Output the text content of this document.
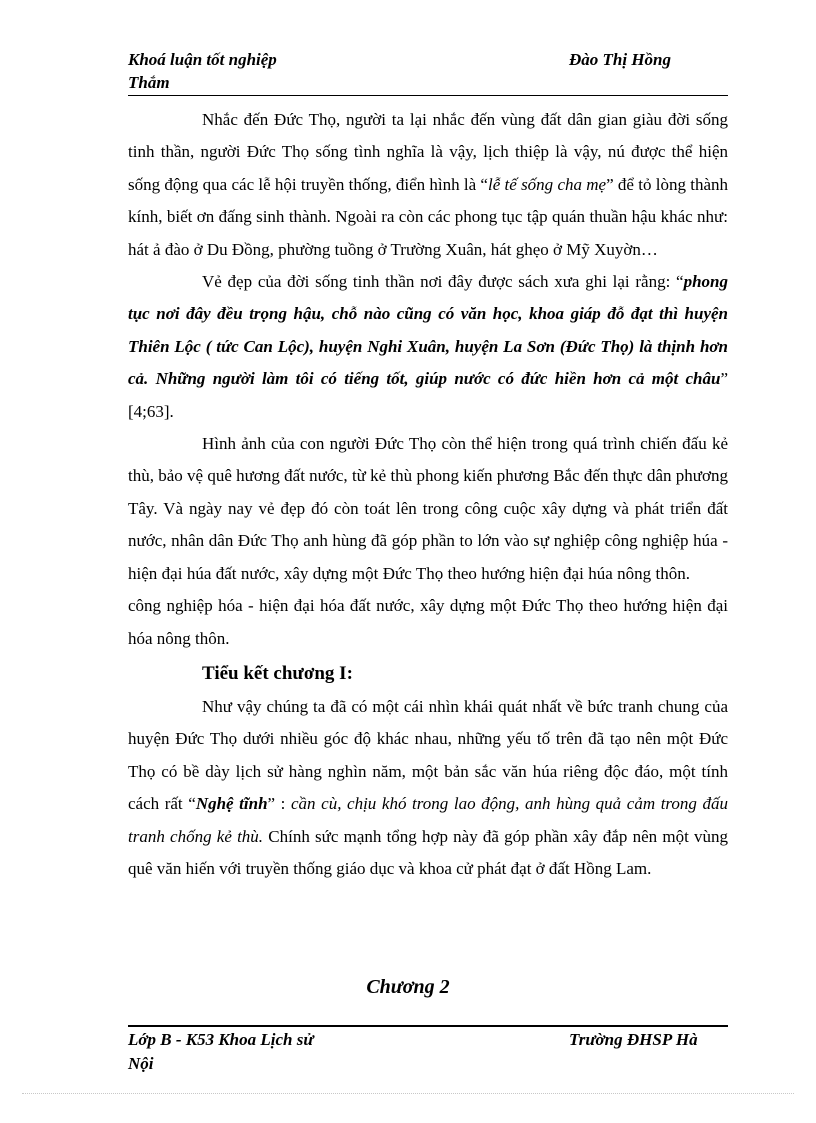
Khoá luận tốt nghiệp	Đào Thị Hồng
Thắm

Nhắc đến Đức Thọ, người ta lại nhắc đến vùng đất dân gian giàu đời sống tinh thần, người Đức Thọ sống tình nghĩa là vậy, lịch thiệp là vậy, nú được thể hiện sống động qua các lễ hội truyền thống, điển hình là “lễ tế sống cha mẹ” để tỏ lòng thành kính, biết ơn đấng sinh thành. Ngoài ra còn các phong tục tập quán thuần hậu khác như: hát ả đào ở Du Đồng, phường tuồng ở Trường Xuân, hát ghẹo ở Mỹ Xuyờn…

Vẻ đẹp của đời sống tinh thần nơi đây được sách xưa ghi lại rằng: “phong tục nơi đây đều trọng hậu, chỗ nào cũng có văn học, khoa giáp đỗ đạt thì huyện Thiên Lộc ( tức Can Lộc), huyện Nghi Xuân, huyện La Sơn (Đức Thọ) là thịnh hơn cả. Những người làm tôi có tiếng tốt, giúp nước có đức hiền hơn cả một châu” [4;63].

Hình ảnh của con người Đức Thọ còn thể hiện trong quá trình chiến đấu kẻ thù, bảo vệ quê hương đất nước, từ kẻ thù phong kiến phương Bắc đến thực dân phương Tây. Và ngày nay vẻ đẹp đó còn toát lên trong công cuộc xây dựng và phát triển đất nước, nhân dân Đức Thọ anh hùng đã góp phần to lớn vào sự nghiệp công nghiệp húa - hiện đại húa đất nước, xây dựng một Đức Thọ theo hướng hiện đại húa nông thôn.công nghiệp hóa - hiện đại hóa đất nước, xây dựng một Đức Thọ theo hướng hiện đại hóa nông thôn.

Tiểu kết chương I:

Như vậy chúng ta đã có một cái nhìn khái quát nhất về bức tranh chung của huyện Đức Thọ dưới nhiều góc độ khác nhau, những yếu tố trên đã tạo nên một Đức Thọ có bề dày lịch sử hàng nghìn năm, một bản sắc văn húa riêng độc đáo, một tính cách rất “Nghệ tĩnh” : cần cù, chịu khó trong lao động, anh hùng quả cảm trong đấu tranh chống kẻ thù. Chính sức mạnh tổng hợp này đã góp phần xây đắp nên một vùng quê văn hiến với truyền thống giáo dục và khoa cử phát đạt ở đất Hồng Lam.

Chương 2
Lớp B - K53 Khoa Lịch sử	Trường ĐHSP Hà
Nội
